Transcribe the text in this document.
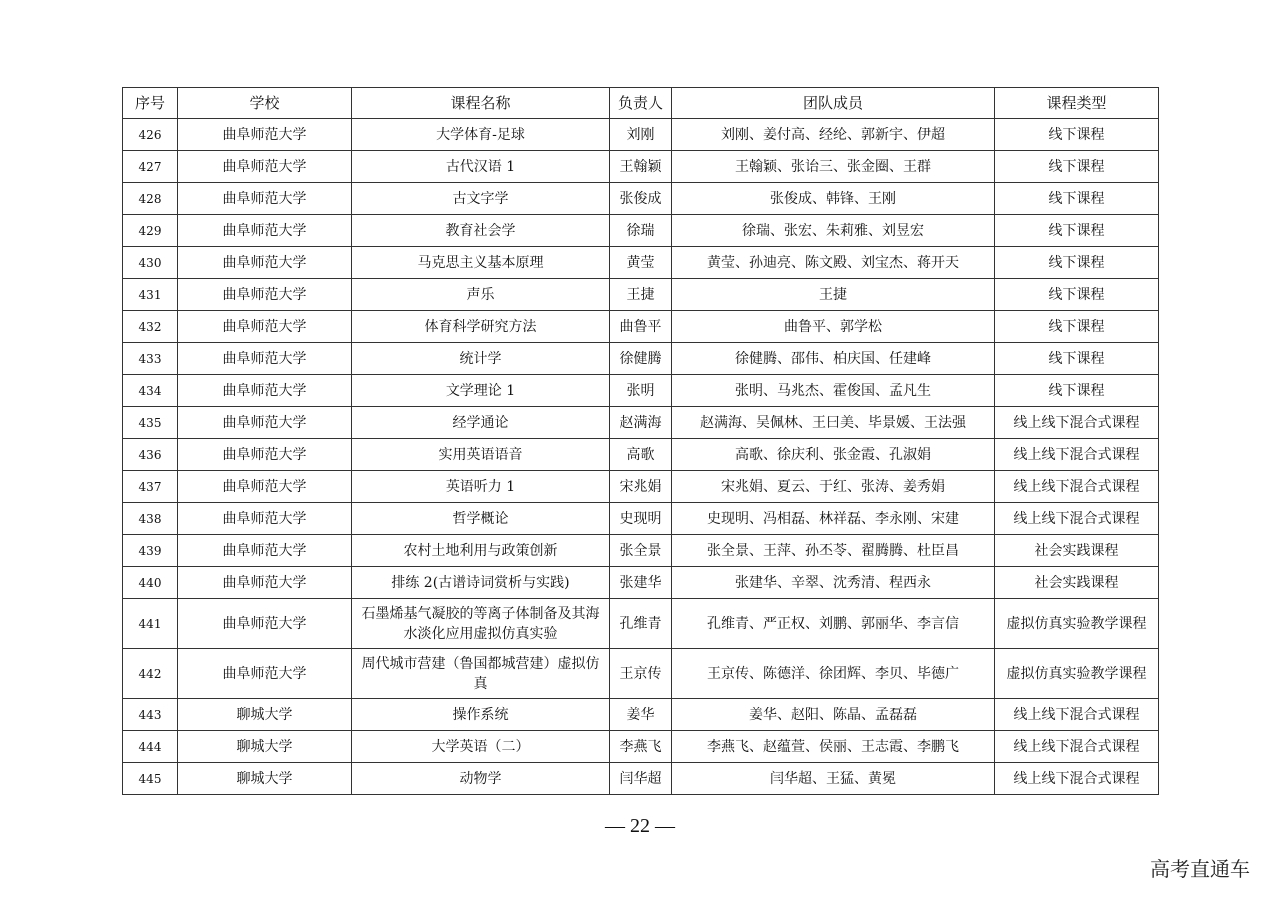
序号	学校	课程名称	负责人	团队成员	课程类型
426	曲阜师范大学	大学体育-足球	刘刚	刘刚、姜付高、经纶、郭新宇、伊超	线下课程
427	曲阜师范大学	古代汉语 1	王翰颖	王翰颖、张诒三、张金圈、王群	线下课程
428	曲阜师范大学	古文字学	张俊成	张俊成、韩锋、王刚	线下课程
429	曲阜师范大学	教育社会学	徐瑞	徐瑞、张宏、朱莉雅、刘昱宏	线下课程
430	曲阜师范大学	马克思主义基本原理	黄莹	黄莹、孙迪亮、陈文殿、刘宝杰、蒋开天	线下课程
431	曲阜师范大学	声乐	王捷	王捷	线下课程
432	曲阜师范大学	体育科学研究方法	曲鲁平	曲鲁平、郭学松	线下课程
433	曲阜师范大学	统计学	徐健腾	徐健腾、邵伟、柏庆国、任建峰	线下课程
434	曲阜师范大学	文学理论 1	张明	张明、马兆杰、霍俊国、孟凡生	线下课程
435	曲阜师范大学	经学通论	赵满海	赵满海、吴佩林、王曰美、毕景媛、王法强	线上线下混合式课程
436	曲阜师范大学	实用英语语音	高歌	高歌、徐庆利、张金霞、孔淑娟	线上线下混合式课程
437	曲阜师范大学	英语听力 1	宋兆娟	宋兆娟、夏云、于红、张涛、姜秀娟	线上线下混合式课程
438	曲阜师范大学	哲学概论	史现明	史现明、冯相磊、林祥磊、李永刚、宋建	线上线下混合式课程
439	曲阜师范大学	农村土地利用与政策创新	张全景	张全景、王萍、孙丕苓、翟腾腾、杜臣昌	社会实践课程
440	曲阜师范大学	排练 2(古谱诗词赏析与实践)	张建华	张建华、辛翠、沈秀清、程西永	社会实践课程
441	曲阜师范大学	石墨烯基气凝胶的等离子体制备及其海水淡化应用虚拟仿真实验	孔维青	孔维青、严正权、刘鹏、郭丽华、李言信	虚拟仿真实验教学课程
442	曲阜师范大学	周代城市营建（鲁国都城营建）虚拟仿真	王京传	王京传、陈德洋、徐团辉、李贝、毕德广	虚拟仿真实验教学课程
443	聊城大学	操作系统	姜华	姜华、赵阳、陈晶、孟磊磊	线上线下混合式课程
444	聊城大学	大学英语（二）	李燕飞	李燕飞、赵蕴萱、侯丽、王志霞、李鹏飞	线上线下混合式课程
445	聊城大学	动物学	闫华超	闫华超、王猛、黄冕	线上线下混合式课程
— 22 —
高考直通车
